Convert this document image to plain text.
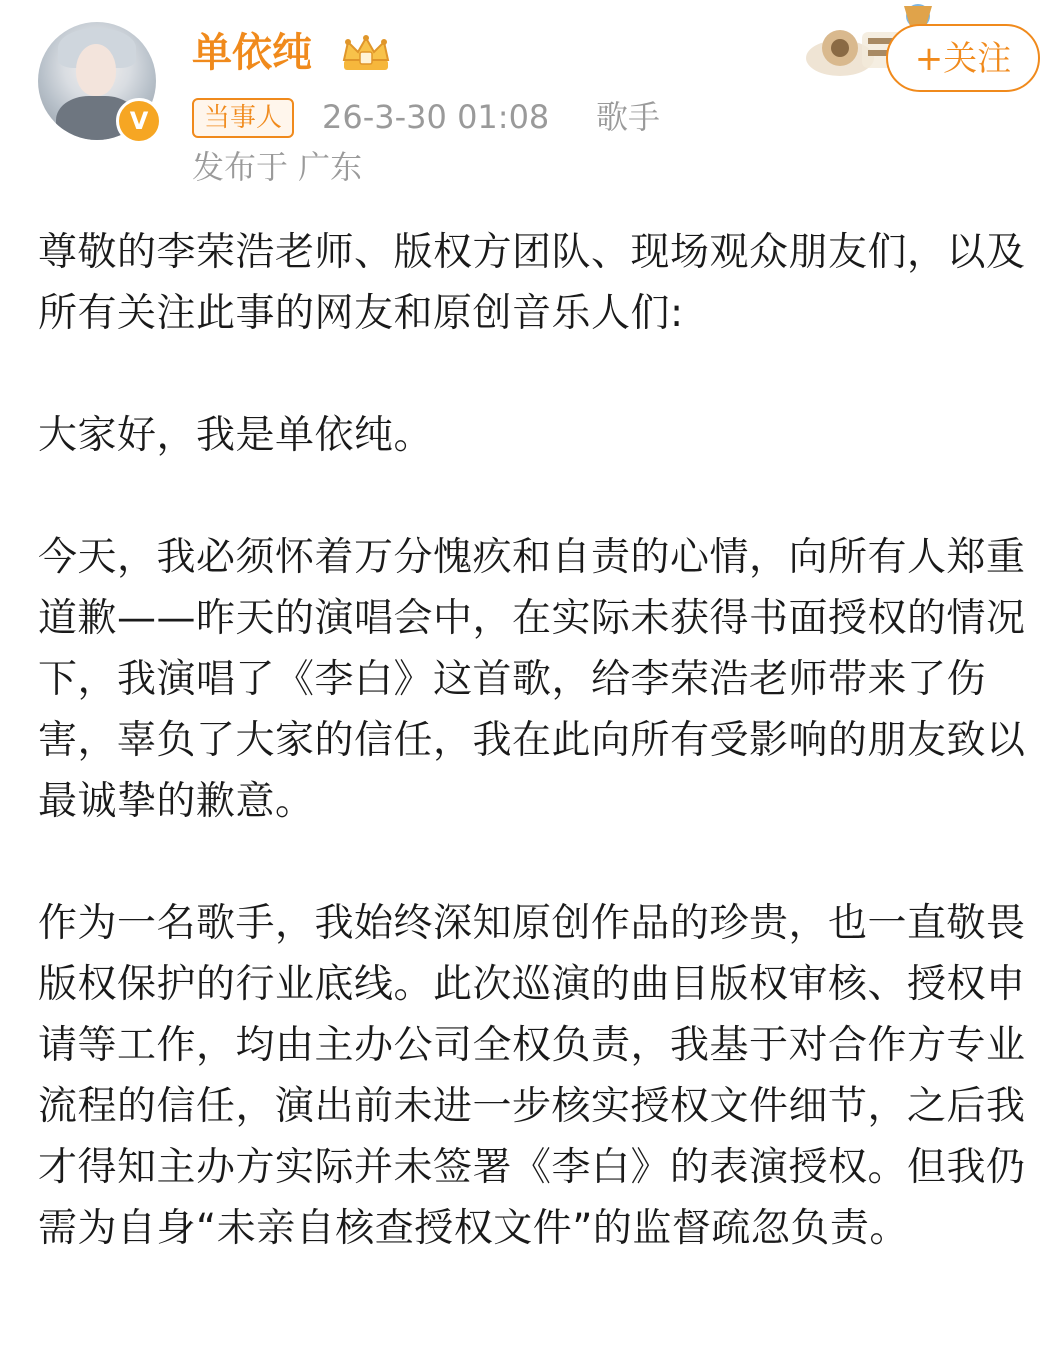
V
单依纯
当事人	26-3-30 01:08 歌手
发布于 广东
+关注

尊敬的李荣浩老师、版权方团队、现场观众朋友们，以及所有关注此事的网友和原创音乐人们:

大家好，我是单依纯。

今天，我必须怀着万分愧疚和自责的心情，向所有人郑重道歉——昨天的演唱会中，在实际未获得书面授权的情况下，我演唱了《李白》这首歌，给李荣浩老师带来了伤害，辜负了大家的信任，我在此向所有受影响的朋友致以最诚挚的歉意。

作为一名歌手，我始终深知原创作品的珍贵，也一直敬畏版权保护的行业底线。此次巡演的曲目版权审核、授权申请等工作，均由主办公司全权负责，我基于对合作方专业流程的信任，演出前未进一步核实授权文件细节，之后我才得知主办方实际并未签署《李白》的表演授权。但我仍需为自身“未亲自核查授权文件”的监督疏忽负责。
